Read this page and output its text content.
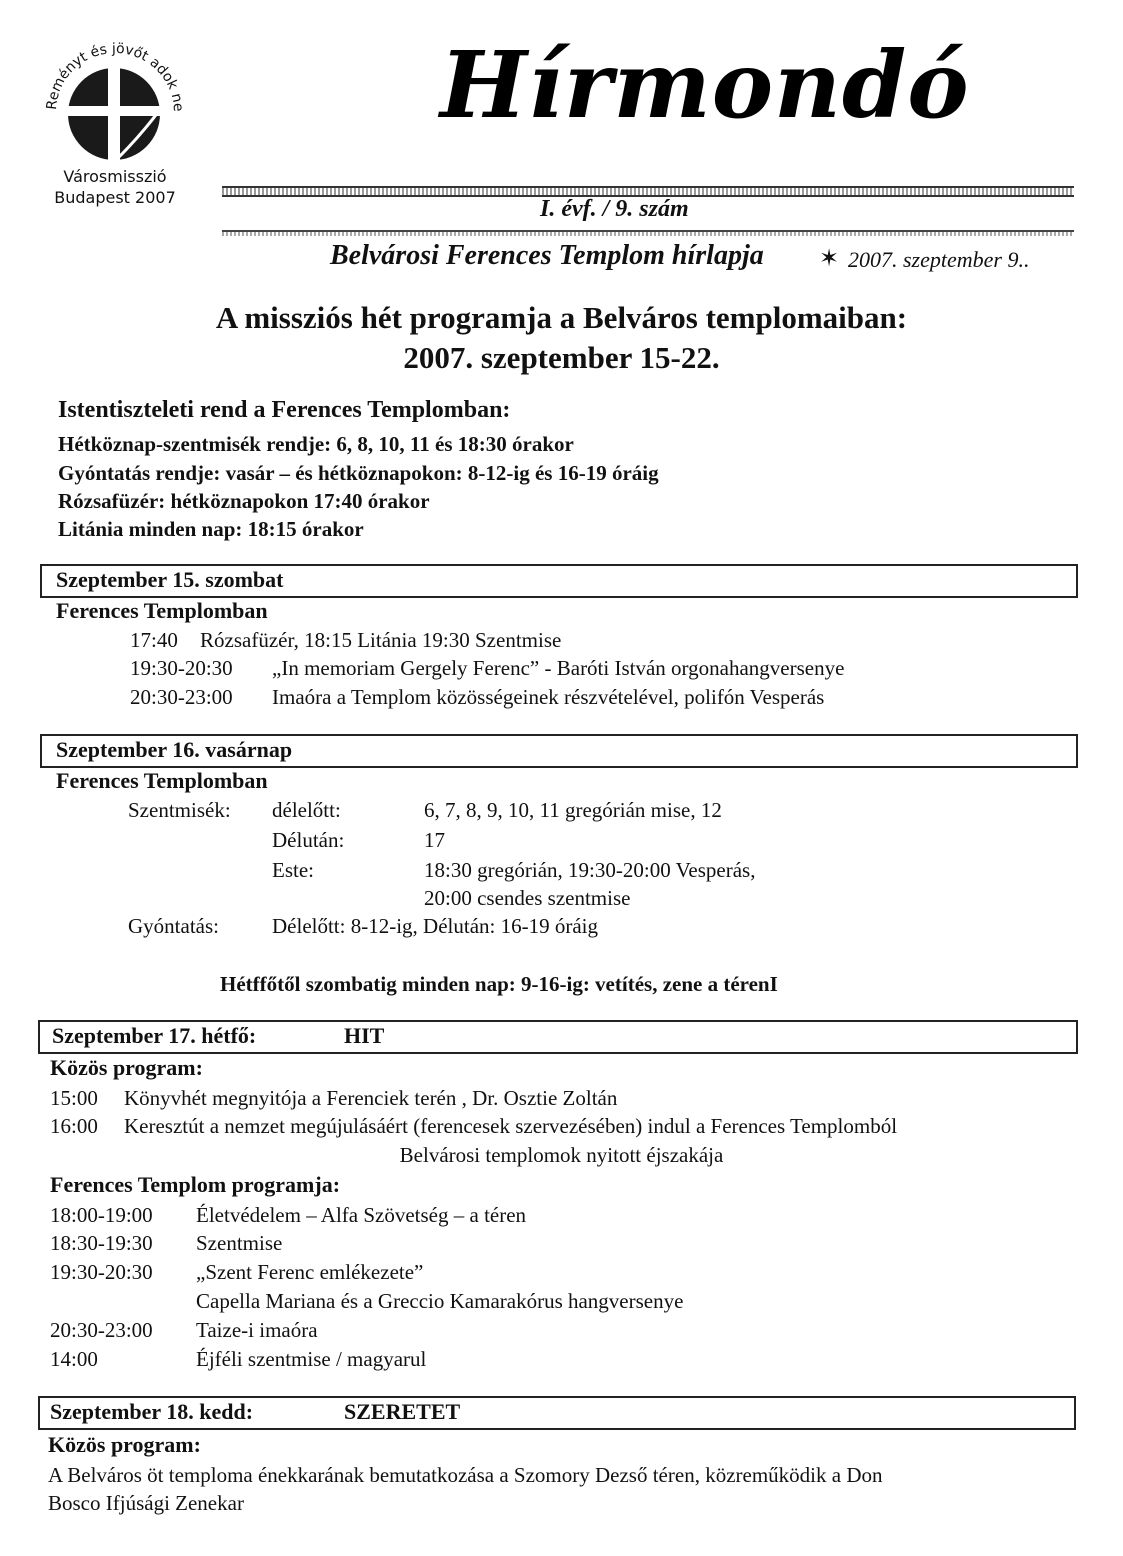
Reményt és jövőt adok ne
Városmisszió
Budapest 2007
Hírmondó
I. évf. / 9. szám
Belvárosi Ferences Templom hírlapja ✶ 2007. szeptember 9..
A missziós hét programja a Belváros templomaiban:
2007. szeptember 15-22.
Istentiszteleti rend a Ferences Templomban:
Hétköznap-szentmisék rendje: 6, 8, 10, 11 és 18:30 órakor
Gyóntatás rendje: vasár – és hétköznapokon: 8-12-ig és 16-19 óráig
Rózsafüzér: hétköznapokon 17:40 órakor
Litánia minden nap: 18:15 órakor
Szeptember 15. szombat
Ferences Templomban
17:40 Rózsafüzér, 18:15 Litánia 19:30 Szentmise
19:30-20:30 „In memoriam Gergely Ferenc” - Baróti István orgonahangversenye
20:30-23:00 Imaóra a Templom közösségeinek részvételével, polifón Vesperás
Szeptember 16. vasárnap
Ferences Templomban
Szentmisék: délelőtt:	6, 7, 8, 9, 10, 11 gregórián mise, 12
Délután:	17
Este:	18:30 gregórián, 19:30-20:00 Vesperás,
20:00 csendes szentmise
Gyóntatás:	Délelőtt: 8-12-ig, Délután: 16-19 óráig
Hétffőtől szombatig minden nap: 9-16-ig: vetítés, zene a térenI
Szeptember 17. hétfő:	HIT
Közös program:
15:00 Könyvhét megnyitója a Ferenciek terén , Dr. Osztie Zoltán
16:00 Keresztút a nemzet megújulásáért (ferencesek szervezésében) indul a Ferences Templomból
Belvárosi templomok nyitott éjszakája
Ferences Templom programja:
18:00-19:00 Életvédelem – Alfa Szövetség – a téren
18:30-19:30 Szentmise
19:30-20:30 „Szent Ferenc emlékezete”
Capella Mariana és a Greccio Kamarakórus hangversenye
20:30-23:00 Taize-i imaóra
14:00	Éjféli szentmise / magyarul
Szeptember 18. kedd:	SZERETET
Közös program:
A Belváros öt temploma énekkarának bemutatkozása a Szomory Dezső téren, közreműködik a Don
Bosco Ifjúsági Zenekar
